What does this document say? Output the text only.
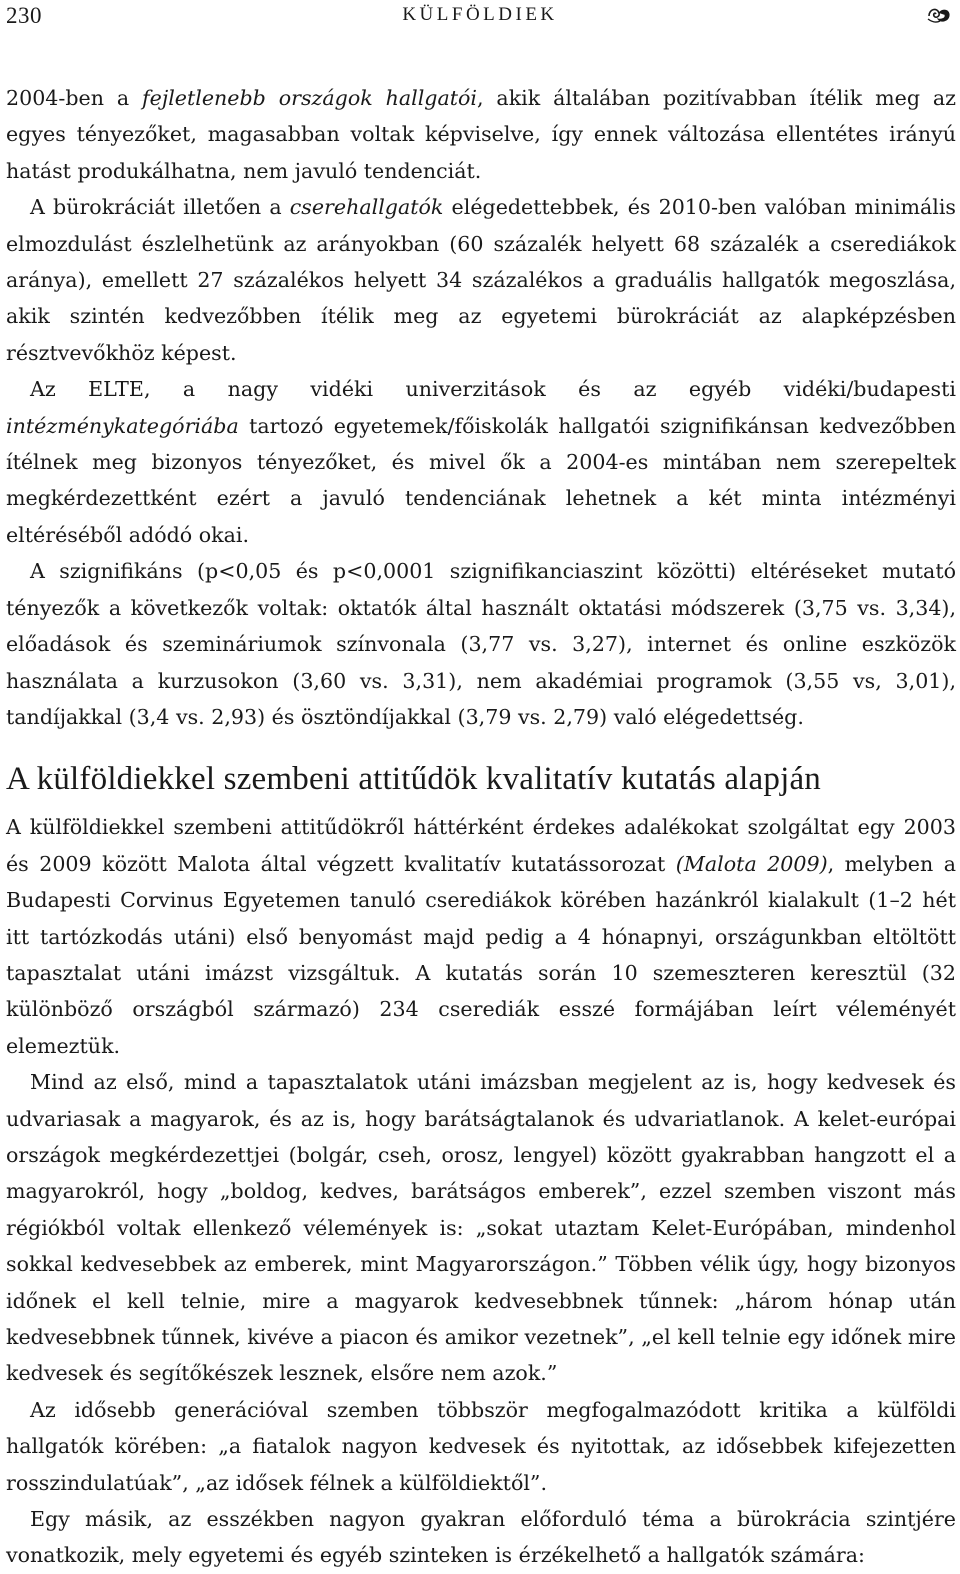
230	KÜLFÖLDIEK

2004-ben a fejletlenebb országok hallgatói, akik általában pozitívabban ítélik meg az egyes tényezőket, magasabban voltak képviselve, így ennek változása ellentétes irányú hatást produkálhatna, nem javuló tendenciát.

A bürokráciát illetően a cserehallgatók elégedettebbek, és 2010-ben valóban minimális elmozdulást észlelhetünk az arányokban (60 százalék helyett 68 százalék a cserediákok aránya), emellett 27 százalékos helyett 34 százalékos a graduális hallgatók megoszlása, akik szintén kedvezőbben ítélik meg az egyetemi bürokráciát az alapképzésben résztvevőkhöz képest.

Az ELTE, a nagy vidéki univerzitások és az egyéb vidéki/budapesti intézménykategóriába tartozó egyetemek/főiskolák hallgatói szignifikánsan kedvezőbben ítélnek meg bizonyos tényezőket, és mivel ők a 2004-es mintában nem szerepeltek megkérdezettként ezért a javuló tendenciának lehetnek a két minta intézményi eltéréséből adódó okai.

A szignifikáns (p<0,05 és p<0,0001 szignifikanciaszint közötti) eltéréseket mutató tényezők a következők voltak: oktatók által használt oktatási módszerek (3,75 vs. 3,34), előadások és szemináriumok színvonala (3,77 vs. 3,27), internet és online eszközök használata a kurzusokon (3,60 vs. 3,31), nem akadémiai programok (3,55 vs, 3,01), tandíjakkal (3,4 vs. 2,93) és ösztöndíjakkal (3,79 vs. 2,79) való elégedettség.

A külföldiekkel szembeni attitűdök kvalitatív kutatás alapján

A külföldiekkel szembeni attitűdökről háttérként érdekes adalékokat szolgáltat egy 2003 és 2009 között Malota által végzett kvalitatív kutatássorozat (Malota 2009), melyben a Budapesti Corvinus Egyetemen tanuló cserediákok körében hazánkról kialakult (1–2 hét itt tartózkodás utáni) első benyomást majd pedig a 4 hónapnyi, országunkban eltöltött tapasztalat utáni imázst vizsgáltuk. A kutatás során 10 szemeszteren keresztül (32 különböző országból származó) 234 cserediák esszé formájában leírt véleményét elemeztük.

Mind az első, mind a tapasztalatok utáni imázsban megjelent az is, hogy kedvesek és udvariasak a magyarok, és az is, hogy barátságtalanok és udvariatlanok. A kelet-európai országok megkérdezettjei (bolgár, cseh, orosz, lengyel) között gyakrabban hangzott el a magyarokról, hogy „boldog, kedves, barátságos emberek”, ezzel szemben viszont más régiókból voltak ellenkező vélemények is: „sokat utaztam Kelet-Európában, mindenhol sokkal kedvesebbek az emberek, mint Magyarországon.” Többen vélik úgy, hogy bizonyos időnek el kell telnie, mire a magyarok kedvesebbnek tűnnek: „három hónap után kedvesebbnek tűnnek, kivéve a piacon és amikor vezetnek”, „el kell telnie egy időnek mire kedvesek és segítőkészek lesznek, elsőre nem azok.”

Az idősebb generációval szemben többször megfogalmazódott kritika a külföldi hallgatók körében: „a fiatalok nagyon kedvesek és nyitottak, az idősebbek kifejezetten rosszindulatúak”, „az idősek félnek a külföldiektől”.

Egy másik, az esszékben nagyon gyakran előforduló téma a bürokrácia szintjére vonatkozik, mely egyetemi és egyéb szinteken is érzékelhető a hallgatók számára:
